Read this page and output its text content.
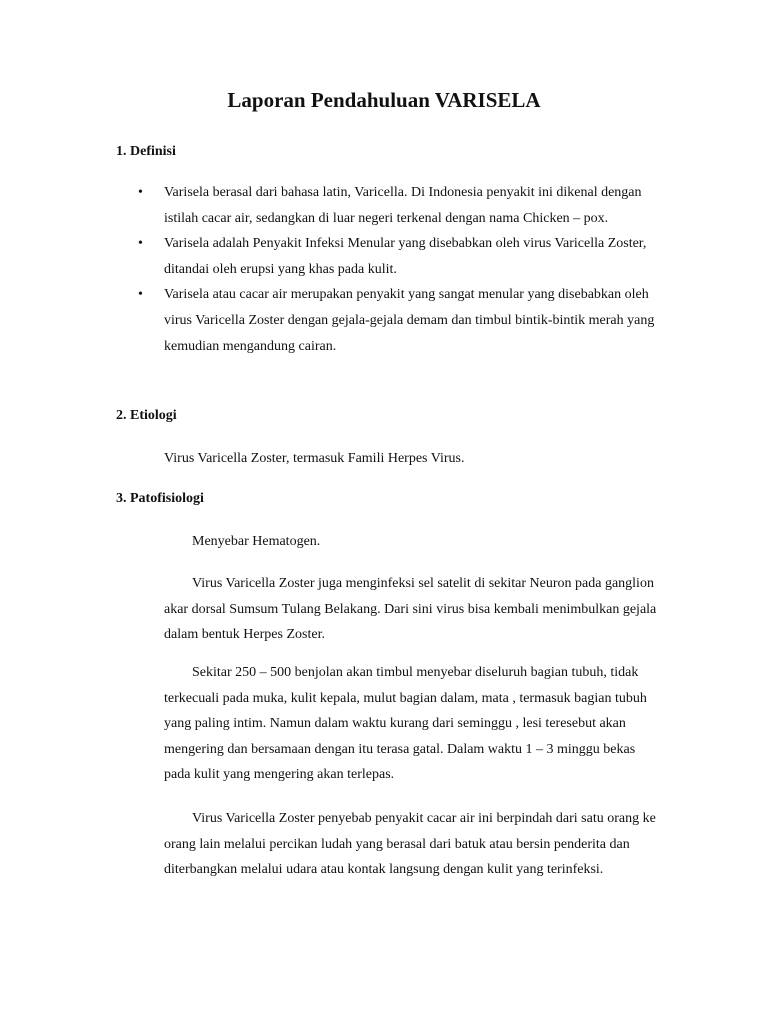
Laporan Pendahuluan VARISELA
1. Definisi
• Varisela berasal dari bahasa latin, Varicella. Di Indonesia penyakit ini dikenal dengan istilah cacar air, sedangkan di luar negeri terkenal dengan nama Chicken – pox.
• Varisela adalah Penyakit Infeksi Menular yang disebabkan oleh virus Varicella Zoster, ditandai oleh erupsi yang khas pada kulit.
• Varisela atau cacar air merupakan penyakit yang sangat menular yang disebabkan oleh virus Varicella Zoster dengan gejala-gejala demam dan timbul bintik-bintik merah yang kemudian mengandung cairan.
2. Etiologi

Virus Varicella Zoster, termasuk Famili Herpes Virus.

3. Patofisiologi

Menyebar Hematogen.

Virus Varicella Zoster juga menginfeksi sel satelit di sekitar Neuron pada ganglion akar dorsal Sumsum Tulang Belakang. Dari sini virus bisa kembali menimbulkan gejala dalam bentuk Herpes Zoster.

Sekitar 250 – 500 benjolan akan timbul menyebar diseluruh bagian tubuh, tidak terkecuali pada muka, kulit kepala, mulut bagian dalam, mata , termasuk bagian tubuh yang paling intim. Namun dalam waktu kurang dari seminggu , lesi teresebut akan mengering dan bersamaan dengan itu terasa gatal. Dalam waktu 1 – 3 minggu bekas pada kulit yang mengering akan terlepas.

Virus Varicella Zoster penyebab penyakit cacar air ini berpindah dari satu orang ke orang lain melalui percikan ludah yang berasal dari batuk atau bersin penderita dan diterbangkan melalui udara atau kontak langsung dengan kulit yang terinfeksi.
